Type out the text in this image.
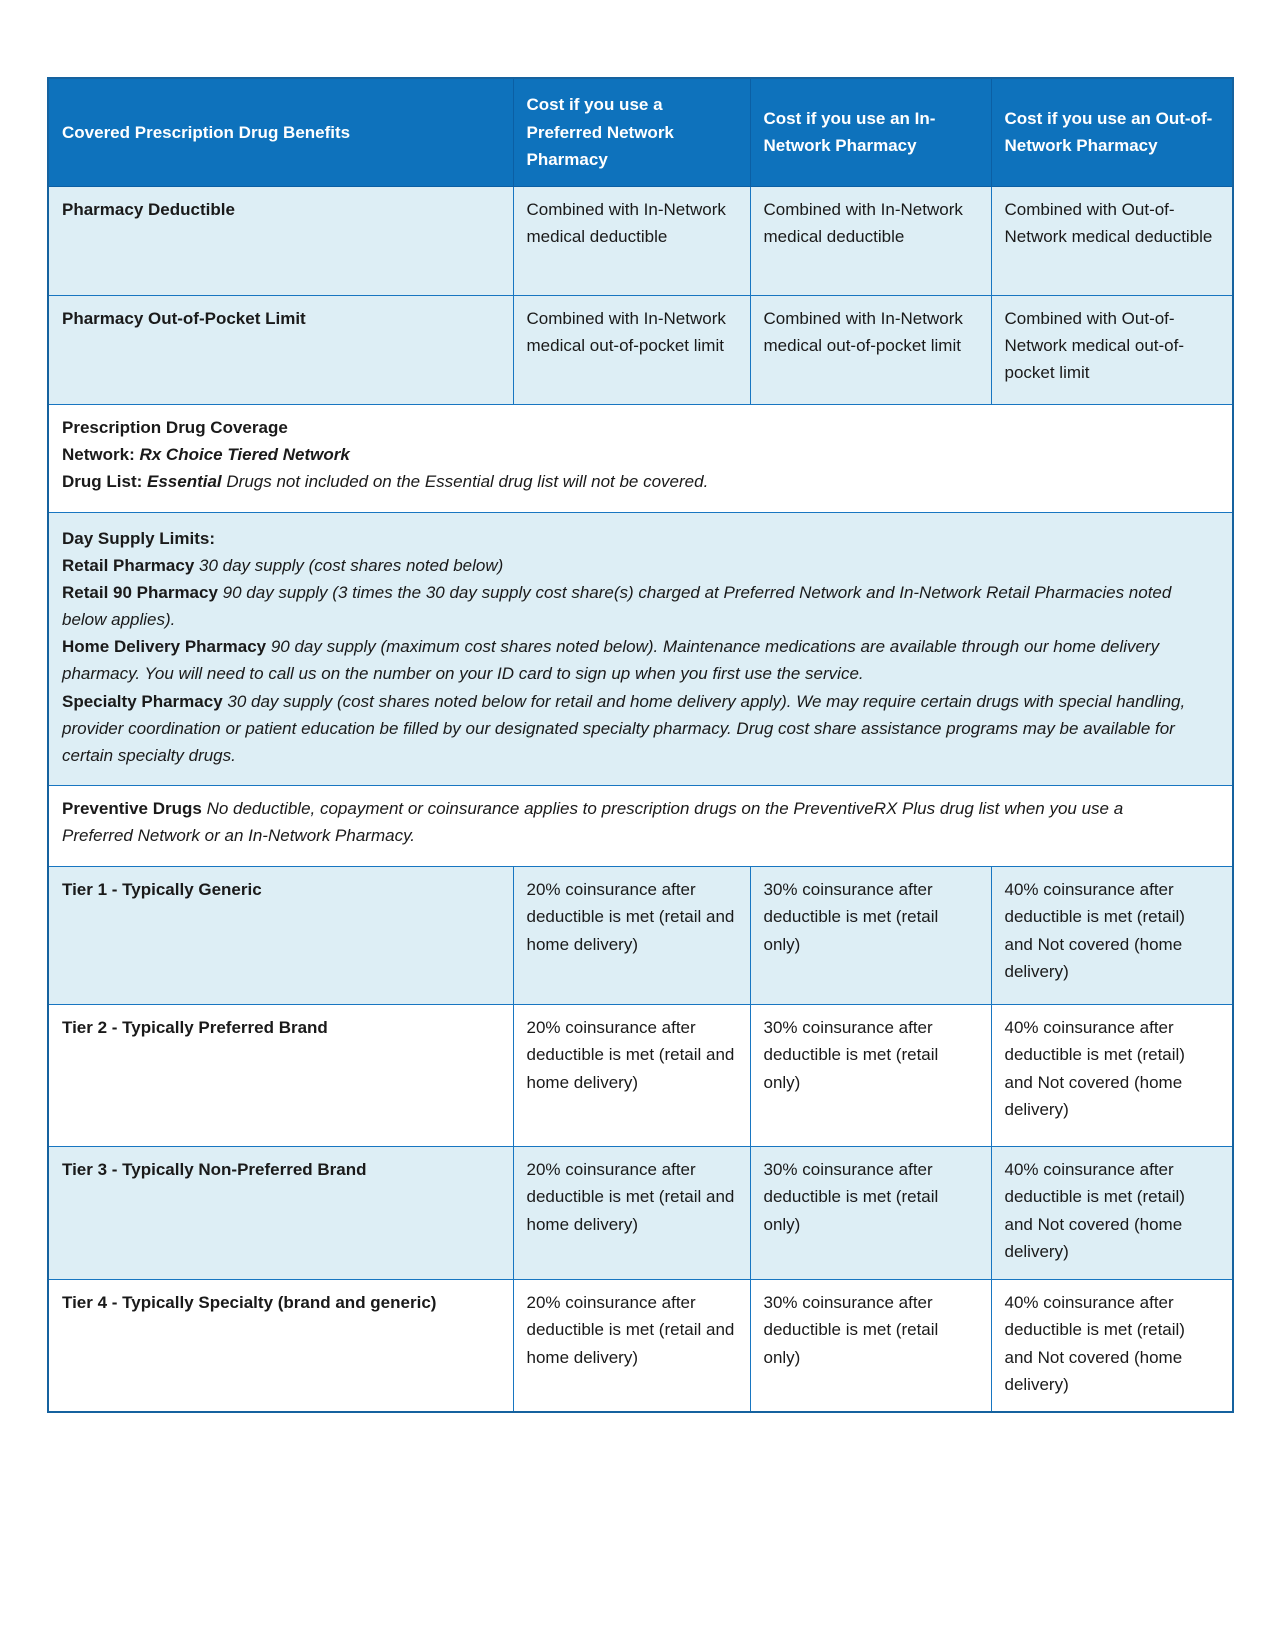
Covered Prescription Drug Benefits	Cost if you use a Preferred Network Pharmacy	Cost if you use an In-Network Pharmacy	Cost if you use an Out-of-Network Pharmacy
Pharmacy Deductible	Combined with In-Network medical deductible	Combined with In-Network medical deductible	Combined with Out-of-Network medical deductible
Pharmacy Out-of-Pocket Limit	Combined with In-Network medical out-of-pocket limit	Combined with In-Network medical out-of-pocket limit	Combined with Out-of-Network medical out-of-pocket limit

Prescription Drug Coverage
Network: Rx Choice Tiered Network
Drug List: Essential Drugs not included on the Essential drug list will not be covered.			

Day Supply Limits:
Retail Pharmacy 30 day supply (cost shares noted below)
Retail 90 Pharmacy 90 day supply (3 times the 30 day supply cost share(s) charged at Preferred Network and In-Network Retail Pharmacies noted below applies).
Home Delivery Pharmacy 90 day supply (maximum cost shares noted below). Maintenance medications are available through our home delivery pharmacy. You will need to call us on the number on your ID card to sign up when you first use the service.
Specialty Pharmacy 30 day supply (cost shares noted below for retail and home delivery apply). We may require certain drugs with special handling, provider coordination or patient education be filled by our designated specialty pharmacy. Drug cost share assistance programs may be available for certain specialty drugs.			

Preventive Drugs No deductible, copayment or coinsurance applies to prescription drugs on the PreventiveRX Plus drug list when you use a Preferred Network or an In-Network Pharmacy.			

Tier 1 - Typically Generic	20% coinsurance after deductible is met (retail and home delivery)	30% coinsurance after deductible is met (retail only)	40% coinsurance after deductible is met (retail) and Not covered (home delivery)
Tier 2 - Typically Preferred Brand	20% coinsurance after deductible is met (retail and home delivery)	30% coinsurance after deductible is met (retail only)	40% coinsurance after deductible is met (retail) and Not covered (home delivery)
Tier 3 - Typically Non-Preferred Brand	20% coinsurance after deductible is met (retail and home delivery)	30% coinsurance after deductible is met (retail only)	40% coinsurance after deductible is met (retail) and Not covered (home delivery)
Tier 4 - Typically Specialty (brand and generic)	20% coinsurance after deductible is met (retail and home delivery)	30% coinsurance after deductible is met (retail only)	40% coinsurance after deductible is met (retail) and Not covered (home delivery)
